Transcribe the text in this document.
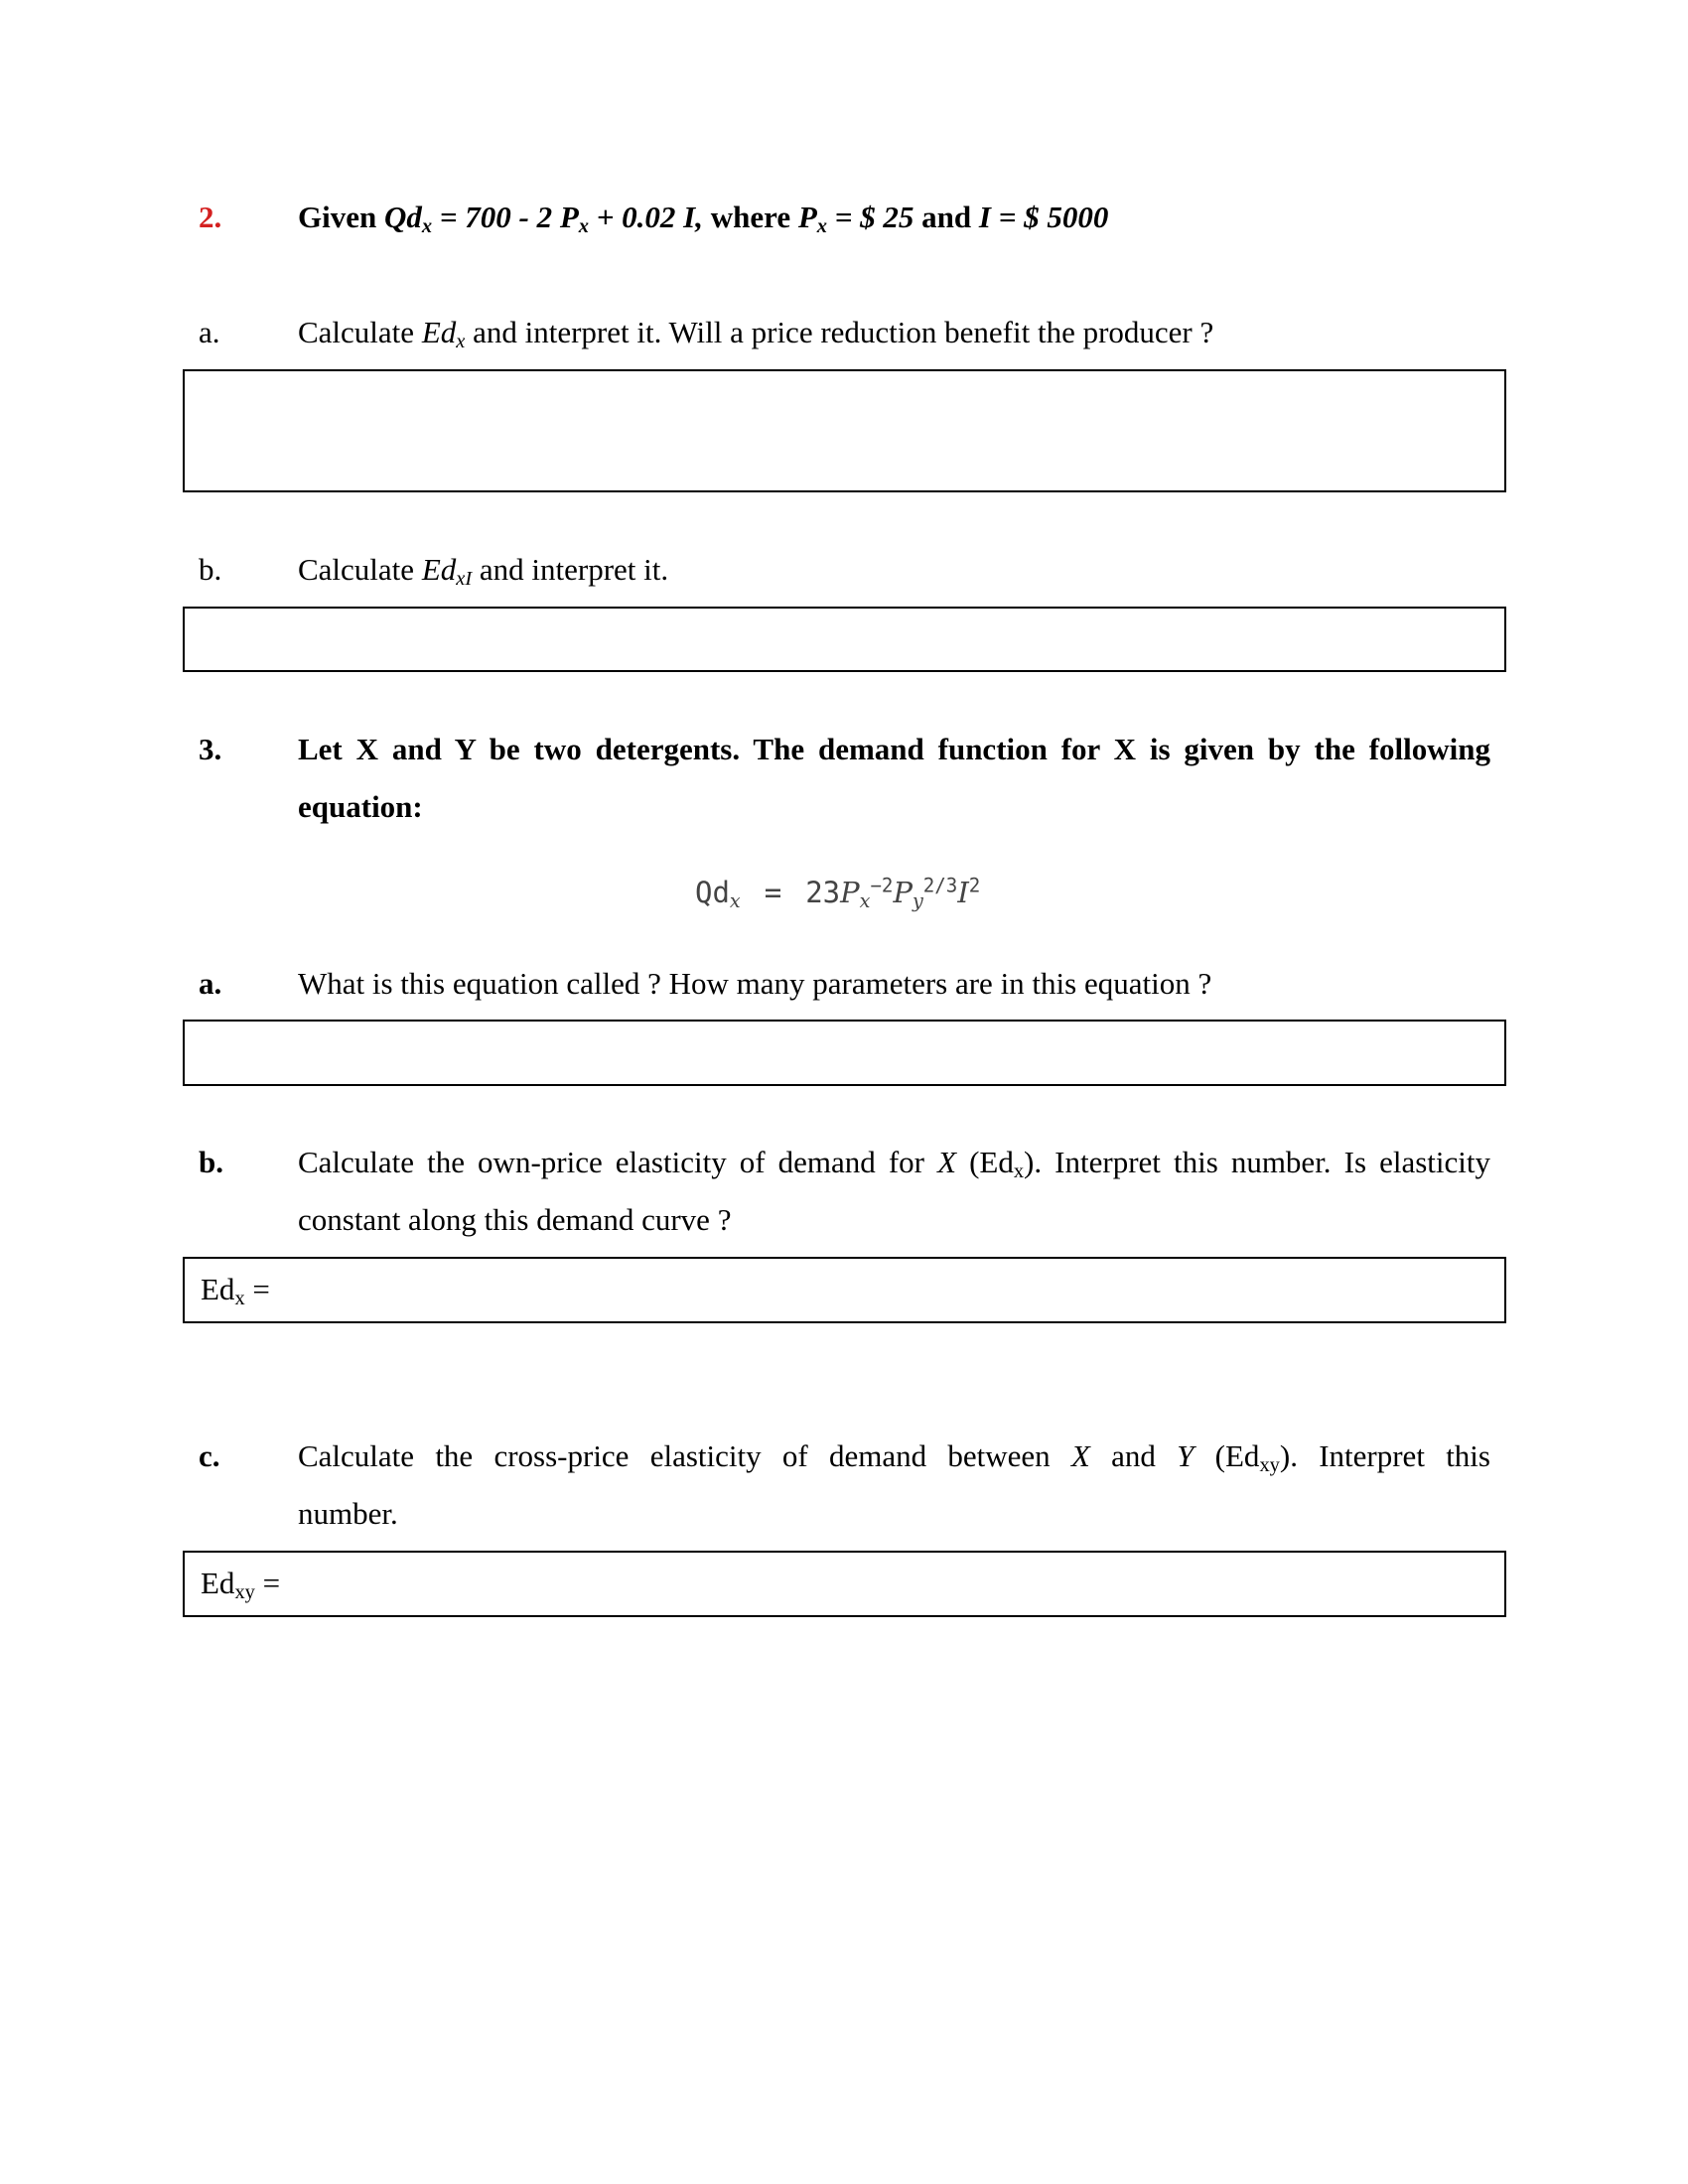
2. Given $Qd_x = 700 - 2$ $P_x + 0.02$ I, where $P_x$ = $ 25 and I = $ 5000
a.	Calculate $Ed_x$ and interpret it. Will a price reduction benefit the producer ?
b. Calculate $Ed_{xI}$ and interpret it.
3. Let X and Y be two detergents. The demand function for X is given by the following
equation:
$Qd_x = 23P_x^{-2}P_y^{2/3}I^2$
a. What is this equation called ? How many parameters are in this equation ?
b. Calculate the own-price elasticity of demand for X $(Ed_x)$. Interpret this number. Is elasticity
constant along this demand curve ?
$Ed_x$ =
c.	Calculate the cross-price elasticity of demand between X and Y $(Ed_{xy})$. Interpret this
number.
$Ed_{xy}$ =
